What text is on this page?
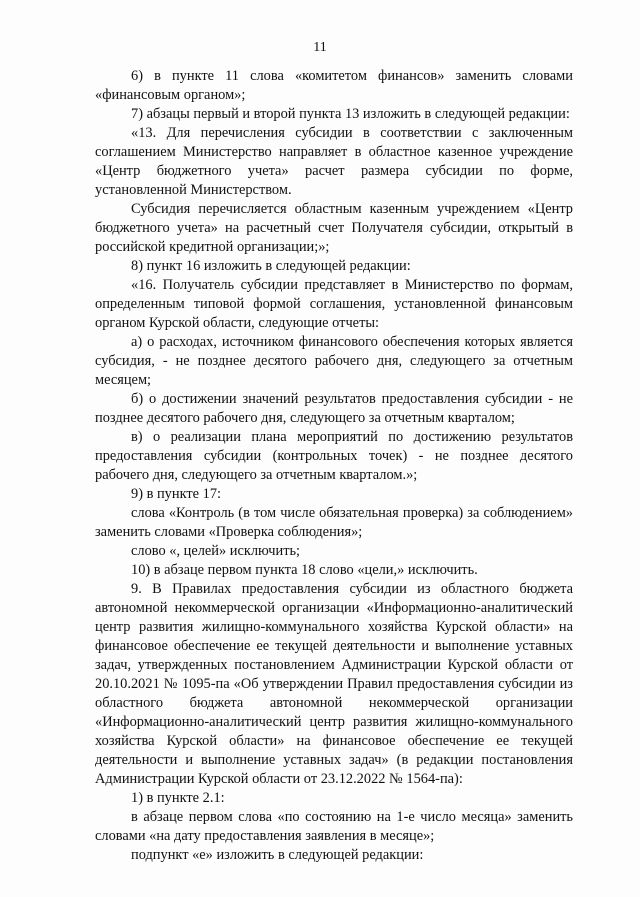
11

6) в пункте 11 слова «комитетом финансов» заменить словами «финансовым органом»;

7) абзацы первый и второй пункта 13 изложить в следующей редакции:

«13. Для перечисления субсидии в соответствии с заключенным соглашением Министерство направляет в областное казенное учреждение «Центр бюджетного учета» расчет размера субсидии по форме, установленной Министерством.

Субсидия перечисляется областным казенным учреждением «Центр бюджетного учета» на расчетный счет Получателя субсидии, открытый в российской кредитной организации;»;

8) пункт 16 изложить в следующей редакции:

«16. Получатель субсидии представляет в Министерство по формам, определенным типовой формой соглашения, установленной финансовым органом Курской области, следующие отчеты:

а) о расходах, источником финансового обеспечения которых является субсидия, - не позднее десятого рабочего дня, следующего за отчетным месяцем;

б) о достижении значений результатов предоставления субсидии - не позднее десятого рабочего дня, следующего за отчетным кварталом;

в) о реализации плана мероприятий по достижению результатов предоставления субсидии (контрольных точек) - не позднее десятого рабочего дня, следующего за отчетным кварталом.»;

9) в пункте 17:

слова «Контроль (в том числе обязательная проверка) за соблюдением» заменить словами «Проверка соблюдения»;

слово «, целей» исключить;

10) в абзаце первом пункта 18 слово «цели,» исключить.

9. В Правилах предоставления субсидии из областного бюджета автономной некоммерческой организации «Информационно-аналитический центр развития жилищно-коммунального хозяйства Курской области» на финансовое обеспечение ее текущей деятельности и выполнение уставных задач, утвержденных постановлением Администрации Курской области от 20.10.2021 № 1095-па «Об утверждении Правил предоставления субсидии из областного бюджета автономной некоммерческой организации «Информационно-аналитический центр развития жилищно-коммунального хозяйства Курской области» на финансовое обеспечение ее текущей деятельности и выполнение уставных задач» (в редакции постановления Администрации Курской области от 23.12.2022 № 1564-па):

1) в пункте 2.1:

в абзаце первом слова «по состоянию на 1-е число месяца» заменить словами «на дату предоставления заявления в месяце»;

подпункт «е» изложить в следующей редакции:
